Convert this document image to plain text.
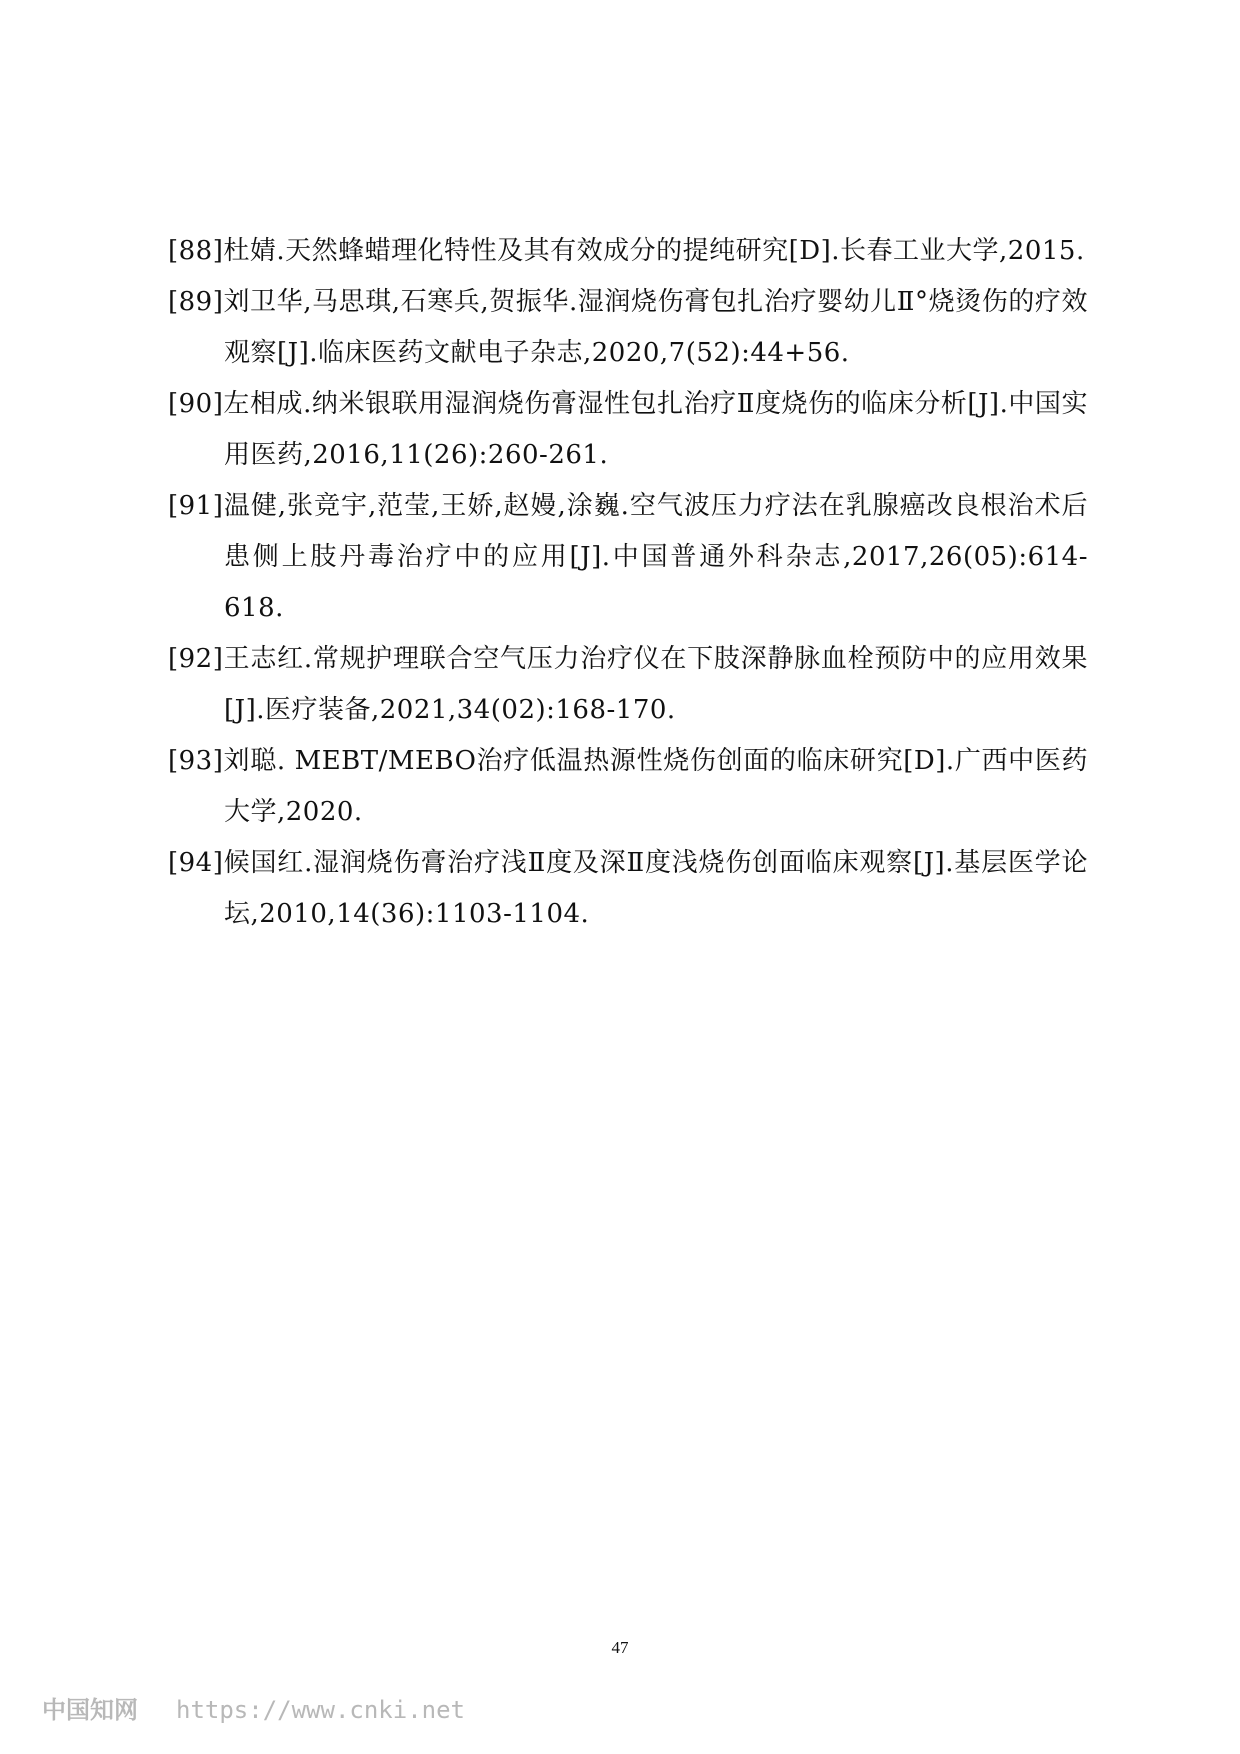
[88]杜婧.天然蜂蜡理化特性及其有效成分的提纯研究[D].长春工业大学,2015.

[89]刘卫华,马思琪,石寒兵,贺振华.湿润烧伤膏包扎治疗婴幼儿Ⅱ°烧烫伤的疗效观察[J].临床医药文献电子杂志,2020,7(52):44+56.

[90]左相成.纳米银联用湿润烧伤膏湿性包扎治疗Ⅱ度烧伤的临床分析[J].中国实用医药,2016,11(26):260-261.

[91]温健,张竞宇,范莹,王娇,赵嫚,涂巍.空气波压力疗法在乳腺癌改良根治术后患侧上肢丹毒治疗中的应用[J].中国普通外科杂志,2017,26(05):614-618.

[92]王志红.常规护理联合空气压力治疗仪在下肢深静脉血栓预防中的应用效果[J].医疗装备,2021,34(02):168-170.

[93]刘聪. MEBT/MEBO治疗低温热源性烧伤创面的临床研究[D].广西中医药大学,2020.

[94]候国红.湿润烧伤膏治疗浅Ⅱ度及深Ⅱ度浅烧伤创面临床观察[J].基层医学论坛,2010,14(36):1103-1104.

47
中国知网 https://www.cnki.net
